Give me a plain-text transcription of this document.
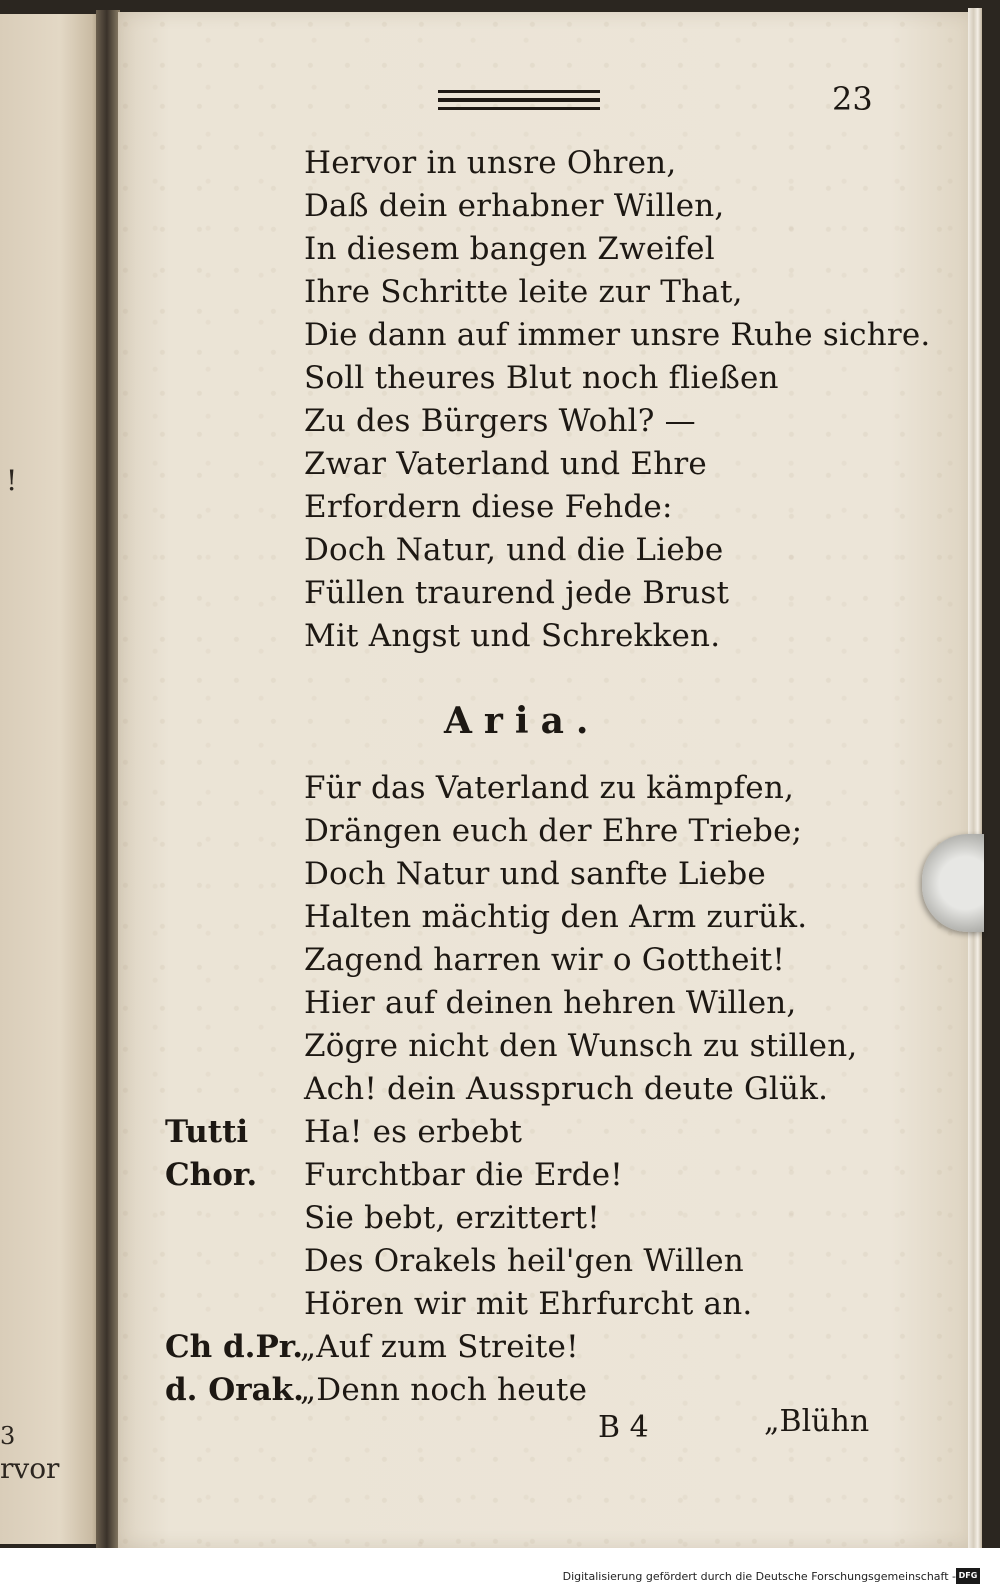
!
3
rvor
23
Hervor in unsre Ohren,
Daß dein erhabner Willen,
In diesem bangen Zweifel
Ihre Schritte leite zur That,
Die dann auf immer unsre Ruhe sichre.
Soll theures Blut noch fließen
Zu des Bürgers Wohl? —
Zwar Vaterland und Ehre
Erfordern diese Fehde:
Doch Natur, und die Liebe
Füllen traurend jede Brust
Mit Angst und Schrekken.
Aria.
Für das Vaterland zu kämpfen,
Drängen euch der Ehre Triebe;
Doch Natur und sanfte Liebe
Halten mächtig den Arm zurük.
Zagend harren wir o Gottheit!
Hier auf deinen hehren Willen,
Zögre nicht den Wunsch zu stillen,
Ach! dein Ausspruch deute Glük.
Tutti Ha! es erbebt
Chor. Furchtbar die Erde!
Sie bebt, erzittert!
Des Orakels heil'gen Willen
Hören wir mit Ehrfurcht an.
Ch d.Pr.
„Auf zum Streite!
d. Orak.
„Denn noch heute
B 4	„Blühn
Digitalisierung gefördert durch die Deutsche Forschungsgemeinschaft - DFG
